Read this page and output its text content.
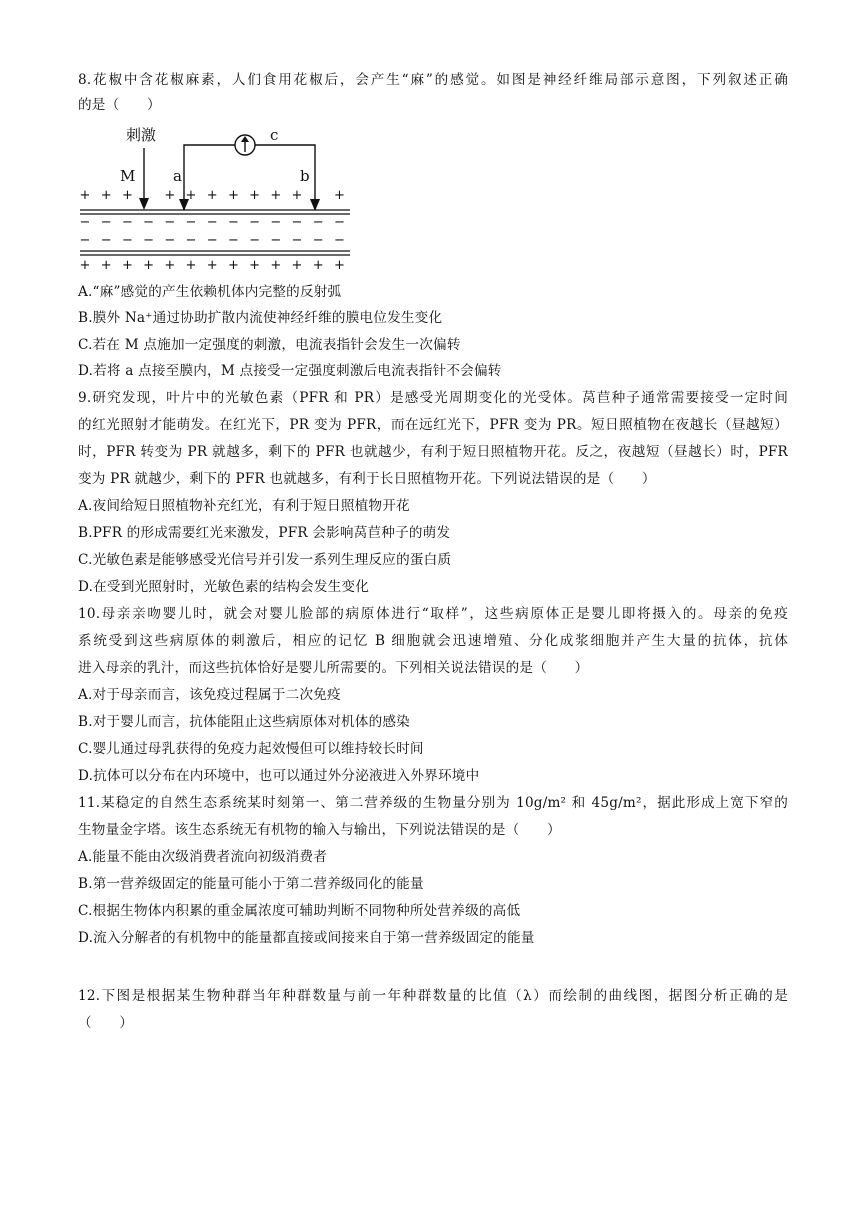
8.花椒中含花椒麻素，人们食用花椒后，会产生“麻”的感觉。如图是神经纤维局部示意图，下列叙述正确
的是（　　）
刺激
M	a	b
c
+ + + + + + + + + + +
− − − − − − − − − − − − −
− − − − − − − − − − − − −
+ + + + + + + + + + + + +
A.“麻”感觉的产生依赖机体内完整的反射弧
B.膜外 Na⁺通过协助扩散内流使神经纤维的膜电位发生变化
C.若在 M 点施加一定强度的刺激，电流表指针会发生一次偏转
D.若将 a 点接至膜内，M 点接受一定强度刺激后电流表指针不会偏转
9.研究发现，叶片中的光敏色素（PFR 和 PR）是感受光周期变化的光受体。莴苣种子通常需要接受一定时间
的红光照射才能萌发。在红光下，PR 变为 PFR，而在远红光下，PFR 变为 PR。短日照植物在夜越长（昼越短）
时，PFR 转变为 PR 就越多，剩下的 PFR 也就越少，有利于短日照植物开花。反之，夜越短（昼越长）时，PFR
变为 PR 就越少，剩下的 PFR 也就越多，有利于长日照植物开花。下列说法错误的是（　　）
A.夜间给短日照植物补充红光，有利于短日照植物开花
B.PFR 的形成需要红光来激发，PFR 会影响莴苣种子的萌发
C.光敏色素是能够感受光信号并引发一系列生理反应的蛋白质
D.在受到光照射时，光敏色素的结构会发生变化
10.母亲亲吻婴儿时，就会对婴儿脸部的病原体进行“取样”，这些病原体正是婴儿即将摄入的。母亲的免疫
系统受到这些病原体的刺激后，相应的记忆 B 细胞就会迅速增殖、分化成浆细胞并产生大量的抗体，抗体
进入母亲的乳汁，而这些抗体恰好是婴儿所需要的。下列相关说法错误的是（　　）
A.对于母亲而言，该免疫过程属于二次免疫
B.对于婴儿而言，抗体能阻止这些病原体对机体的感染
C.婴儿通过母乳获得的免疫力起效慢但可以维持较长时间
D.抗体可以分布在内环境中，也可以通过外分泌液进入外界环境中
11.某稳定的自然生态系统某时刻第一、第二营养级的生物量分别为 10g/m² 和 45g/m²，据此形成上宽下窄的
生物量金字塔。该生态系统无有机物的输入与输出，下列说法错误的是（　　）
A.能量不能由次级消费者流向初级消费者
B.第一营养级固定的能量可能小于第二营养级同化的能量
C.根据生物体内积累的重金属浓度可辅助判断不同物种所处营养级的高低
D.流入分解者的有机物中的能量都直接或间接来自于第一营养级固定的能量
12.下图是根据某生物种群当年种群数量与前一年种群数量的比值（λ）而绘制的曲线图，据图分析正确的是
（　　）
